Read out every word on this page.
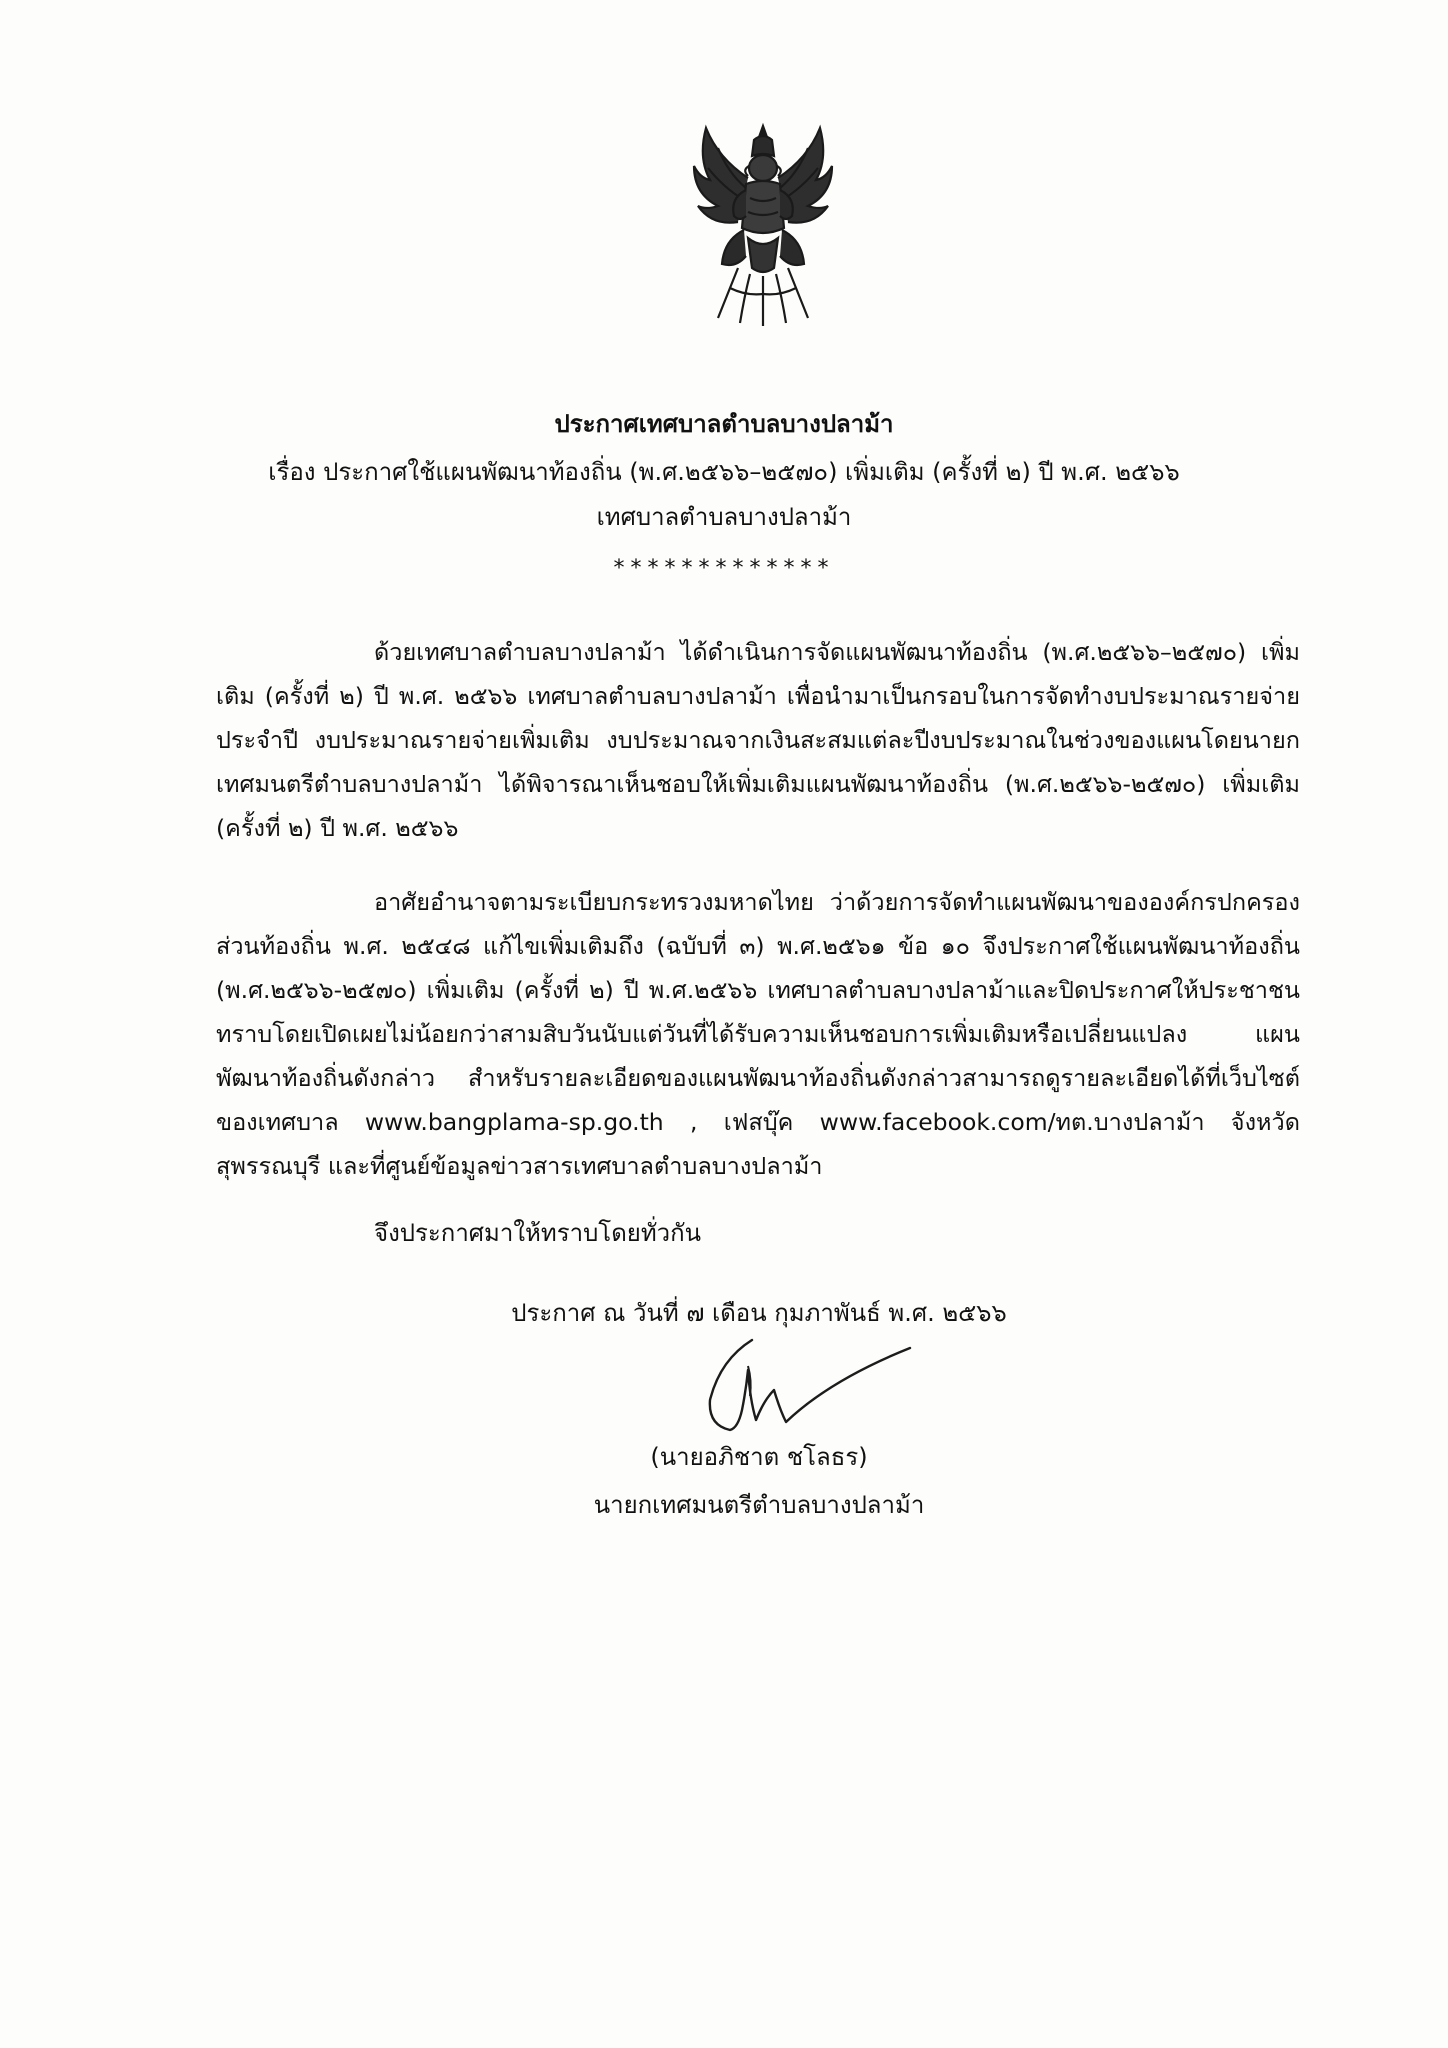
ประกาศเทศบาลตำบลบางปลาม้า
เรื่อง ประกาศใช้แผนพัฒนาท้องถิ่น (พ.ศ.๒๕๖๖–๒๕๗๐) เพิ่มเติม (ครั้งที่ ๒) ปี พ.ศ. ๒๕๖๖
เทศบาลตำบลบางปลาม้า
*************
ด้วยเทศบาลตำบลบางปลาม้า ได้ดำเนินการจัดแผนพัฒนาท้องถิ่น (พ.ศ.๒๕๖๖–๒๕๗๐) เพิ่มเติม (ครั้งที่ ๒) ปี พ.ศ. ๒๕๖๖ เทศบาลตำบลบางปลาม้า เพื่อนำมาเป็นกรอบในการจัดทำงบประมาณรายจ่ายประจำปี งบประมาณรายจ่ายเพิ่มเติม งบประมาณจากเงินสะสมแต่ละปีงบประมาณในช่วงของแผนโดยนายกเทศมนตรีตำบลบางปลาม้า ได้พิจารณาเห็นชอบให้เพิ่มเติมแผนพัฒนาท้องถิ่น (พ.ศ.๒๕๖๖-๒๕๗๐) เพิ่มเติม (ครั้งที่ ๒) ปี พ.ศ. ๒๕๖๖
อาศัยอำนาจตามระเบียบกระทรวงมหาดไทย ว่าด้วยการจัดทำแผนพัฒนาขององค์กรปกครองส่วนท้องถิ่น พ.ศ. ๒๕๔๘ แก้ไขเพิ่มเติมถึง (ฉบับที่ ๓) พ.ศ.๒๕๖๑ ข้อ ๑๐ จึงประกาศใช้แผนพัฒนาท้องถิ่น (พ.ศ.๒๕๖๖-๒๕๗๐) เพิ่มเติม (ครั้งที่ ๒) ปี พ.ศ.๒๕๖๖ เทศบาลตำบลบางปลาม้าและปิดประกาศให้ประชาชนทราบโดยเปิดเผยไม่น้อยกว่าสามสิบวันนับแต่วันที่ได้รับความเห็นชอบการเพิ่มเติมหรือเปลี่ยนแปลง แผนพัฒนาท้องถิ่นดังกล่าว สำหรับรายละเอียดของแผนพัฒนาท้องถิ่นดังกล่าวสามารถดูรายละเอียดได้ที่เว็บไซต์ของเทศบาล www.bangplama-sp.go.th , เฟสบุ๊ค www.facebook.com/ทต.บางปลาม้า จังหวัดสุพรรณบุรี และที่ศูนย์ข้อมูลข่าวสารเทศบาลตำบลบางปลาม้า
จึงประกาศมาให้ทราบโดยทั่วกัน
ประกาศ ณ วันที่ ๗ เดือน กุมภาพันธ์ พ.ศ. ๒๕๖๖
(นายอภิชาต ชโลธร)
นายกเทศมนตรีตำบลบางปลาม้า
